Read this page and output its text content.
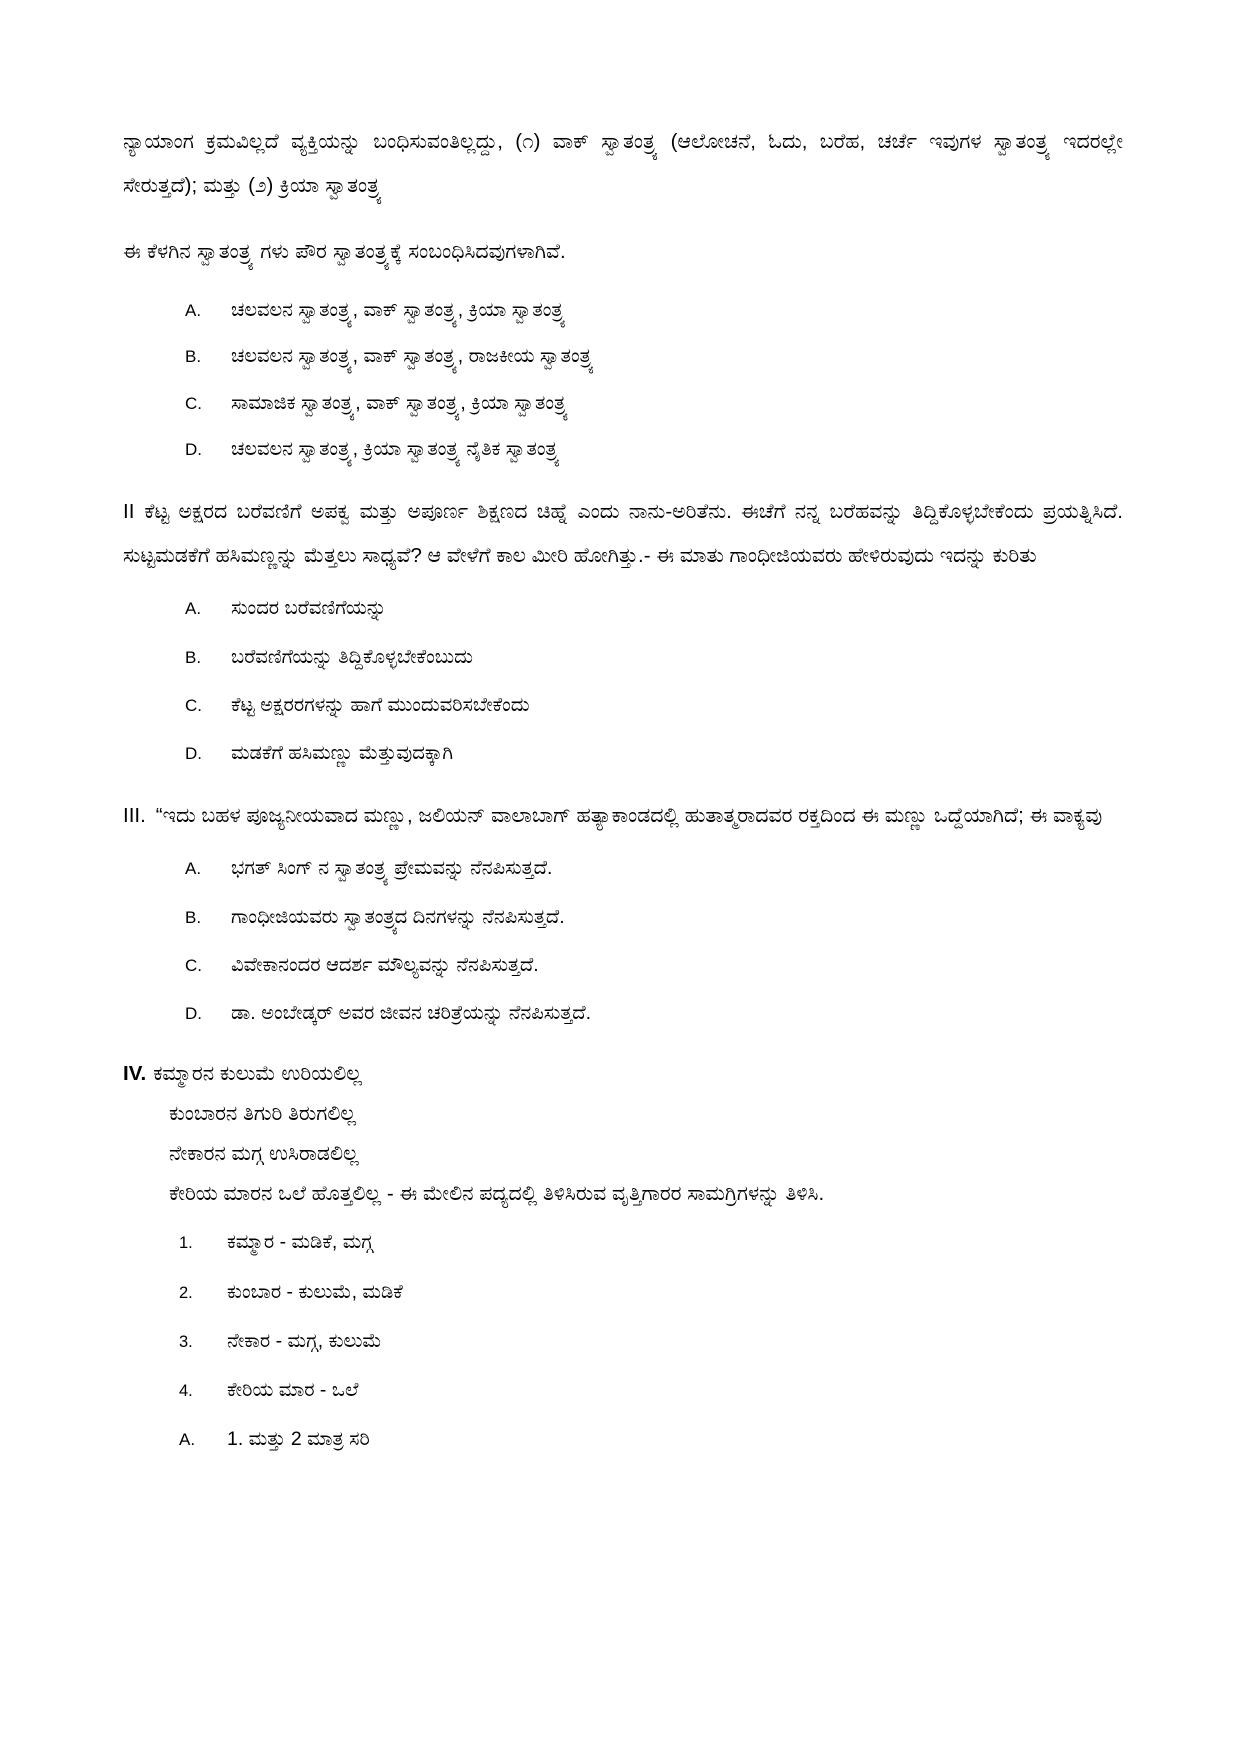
ನ್ಯಾಯಾಂಗ ಕ್ರಮವಿಲ್ಲದೆ ವ್ಯಕ್ತಿಯನ್ನು ಬಂಧಿಸುವಂತಿಲ್ಲದ್ದು, (೧) ವಾಕ್ ಸ್ವಾತಂತ್ರ್ಯ (ಆಲೋಚನೆ, ಓದು, ಬರೆಹ, ಚರ್ಚೆ ಇವುಗಳ ಸ್ವಾತಂತ್ರ್ಯ ಇದರಲ್ಲೇ ಸೇರುತ್ತದೆ); ಮತ್ತು (೨) ಕ್ರಿಯಾ ಸ್ವಾತಂತ್ರ್ಯ

ಈ ಕೆಳಗಿನ ಸ್ವಾತಂತ್ರ್ಯ ಗಳು ಪೌರ ಸ್ವಾತಂತ್ರ್ಯಕ್ಕೆ ಸಂಬಂಧಿಸಿದವುಗಳಾಗಿವೆ.

A.	ಚಲವಲನ ಸ್ವಾತಂತ್ರ್ಯ, ವಾಕ್ ಸ್ವಾತಂತ್ರ್ಯ, ಕ್ರಿಯಾ ಸ್ವಾತಂತ್ರ್ಯ
B.	ಚಲವಲನ ಸ್ವಾತಂತ್ರ್ಯ, ವಾಕ್ ಸ್ವಾತಂತ್ರ್ಯ, ರಾಜಕೀಯ ಸ್ವಾತಂತ್ರ್ಯ
C.	ಸಾಮಾಜಿಕ ಸ್ವಾತಂತ್ರ್ಯ, ವಾಕ್ ಸ್ವಾತಂತ್ರ್ಯ, ಕ್ರಿಯಾ ಸ್ವಾತಂತ್ರ್ಯ
D.	ಚಲವಲನ ಸ್ವಾತಂತ್ರ್ಯ, ಕ್ರಿಯಾ ಸ್ವಾತಂತ್ರ್ಯ ನೈತಿಕ ಸ್ವಾತಂತ್ರ್ಯ

II ಕೆಟ್ಟ ಅಕ್ಷರದ ಬರೆವಣಿಗೆ ಅಪಕ್ವ ಮತ್ತು ಅಪೂರ್ಣ ಶಿಕ್ಷಣದ ಚಿಹ್ನೆ ಎಂದು ನಾನು-ಅರಿತೆನು. ಈಚೆಗೆ ನನ್ನ ಬರೆಹವನ್ನು ತಿದ್ದಿಕೊಳ್ಳಬೇಕೆಂದು ಪ್ರಯತ್ನಿಸಿದೆ. ಸುಟ್ಟಮಡಕೆಗೆ ಹಸಿಮಣ್ಣನ್ನು ಮೆತ್ತಲು ಸಾಧ್ಯವೆ? ಆ ವೇಳೆಗೆ ಕಾಲ ಮೀರಿ ಹೋಗಿತ್ತು.- ಈ ಮಾತು ಗಾಂಧೀಜಿಯವರು ಹೇಳಿರುವುದು ಇದನ್ನು ಕುರಿತು

A.	ಸುಂದರ ಬರೆವಣಿಗೆಯನ್ನು
B.	ಬರೆವಣಿಗೆಯನ್ನು ತಿದ್ದಿಕೊಳ್ಳಬೇಕೆಂಬುದು
C.	ಕೆಟ್ಟ ಅಕ್ಷರರಗಳನ್ನು ಹಾಗೆ ಮುಂದುವರಿಸಬೇಕೆಂದು
D.	ಮಡಕೆಗೆ ಹಸಿಮಣ್ಣು ಮೆತ್ತುವುದಕ್ಕಾಗಿ

III. “ಇದು ಬಹಳ ಪೂಜ್ಯನೀಯವಾದ ಮಣ್ಣು, ಜಲಿಯನ್ ವಾಲಾಬಾಗ್ ಹತ್ಯಾಕಾಂಡದಲ್ಲಿ ಹುತಾತ್ಮರಾದವರ ರಕ್ತದಿಂದ ಈ ಮಣ್ಣು ಒದ್ದೆಯಾಗಿದೆ; ಈ ವಾಕ್ಯವು

A.	ಭಗತ್ ಸಿಂಗ್ ನ ಸ್ವಾತಂತ್ರ್ಯ ಪ್ರೇಮವನ್ನು ನೆನಪಿಸುತ್ತದೆ.
B.	ಗಾಂಧೀಜಿಯವರು ಸ್ವಾತಂತ್ರ್ಯದ ದಿನಗಳನ್ನು ನೆನಪಿಸುತ್ತದೆ.
C.	ವಿವೇಕಾನಂದರ ಆದರ್ಶ ಮೌಲ್ಯವನ್ನು ನೆನಪಿಸುತ್ತದೆ.
D.	ಡಾ. ಅಂಬೇಡ್ಕರ್ ಅವರ ಜೀವನ ಚರಿತ್ರೆಯನ್ನು ನೆನಪಿಸುತ್ತದೆ.
IV. ಕಮ್ಮಾರನ ಕುಲುಮೆ ಉರಿಯಲಿಲ್ಲ
ಕುಂಬಾರನ ತಿಗುರಿ ತಿರುಗಲಿಲ್ಲ
ನೇಕಾರನ ಮಗ್ಗ ಉಸಿರಾಡಲಿಲ್ಲ
ಕೇರಿಯ ಮಾರನ ಒಲೆ ಹೊತ್ತಲಿಲ್ಲ - ಈ ಮೇಲಿನ ಪದ್ಯದಲ್ಲಿ ತಿಳಿಸಿರುವ ವೃತ್ತಿಗಾರರ ಸಾಮಗ್ರಿಗಳನ್ನು ತಿಳಿಸಿ.
1.	ಕಮ್ಮಾರ - ಮಡಿಕೆ, ಮಗ್ಗ
2.	ಕುಂಬಾರ - ಕುಲುಮೆ, ಮಡಿಕೆ
3.	ನೇಕಾರ - ಮಗ್ಗ, ಕುಲುಮೆ
4.	ಕೇರಿಯ ಮಾರ - ಒಲೆ
A.	1. ಮತ್ತು 2 ಮಾತ್ರ ಸರಿ
